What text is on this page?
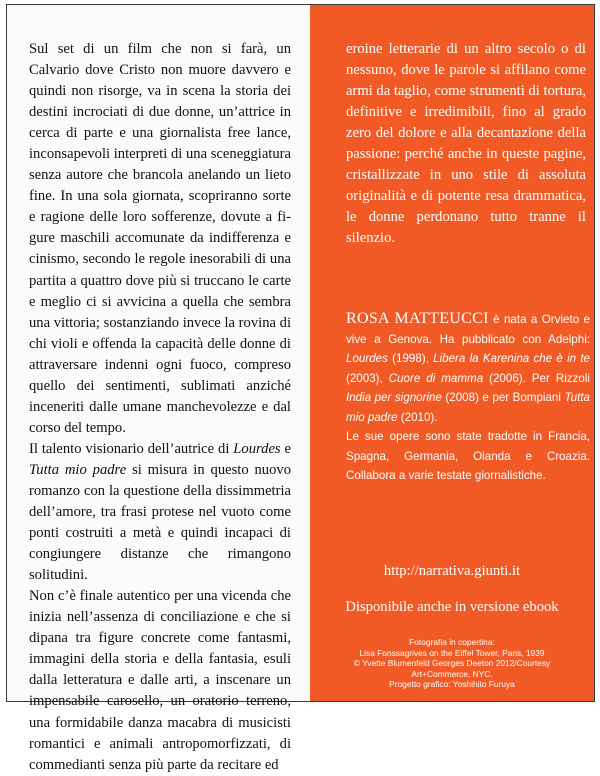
Sul set di un film che non si farà, un Calvario dove Cristo non muore davvero e quindi non risorge, va in scena la storia dei destini incrociati di due donne, un’attrice in cerca di parte e una giornalista free lance, inconsapevoli interpreti di una sceneggiatura senza autore che brancola anelando un lieto fine. In una sola giornata, scopriranno sorte e ragione delle loro sofferenze, dovute a figure maschili accomunate da indifferenza e cinismo, secondo le regole inesorabili di una partita a quattro dove più si truccano le carte e meglio ci si avvicina a quella che sembra una vittoria; sostanziando invece la rovina di chi violi e offenda la capacità delle donne di attraversare indenni ogni fuoco, compreso quello dei sentimenti, sublimati anziché inceneriti dalle umane manchevolezze e dal corso del tempo.

Il talento visionario dell’autrice di Lourdes e Tutta mio padre si misura in questo nuovo romanzo con la questione della dissimmetria dell’amore, tra frasi protese nel vuoto come ponti costruiti a metà e quindi incapaci di congiungere distanze che rimangono solitudini.

Non c’è finale autentico per una vicenda che inizia nell’assenza di conciliazione e che si dipana tra figure concrete come fantasmi, immagini della storia e della fantasia, esuli dalla letteratura e dalle arti, a inscenare un impensabile carosello, un oratorio terreno, una formidabile danza macabra di musicisti romantici e animali antropomorfizzati, di commedianti senza più parte da recitare ed

eroine letterarie di un altro secolo o di nessuno, dove le parole si affilano come armi da taglio, come strumenti di tortura, definitive e irredimibili, fino al grado zero del dolore e alla decantazione della passione: perché anche in queste pagine, cristallizzate in uno stile di assoluta originalità e di potente resa drammatica, le donne perdonano tutto tranne il silenzio.

ROSA MATTEUCCI è nata a Orvieto e vive a Genova. Ha pubblicato con Adelphi: Lourdes (1998), Libera la Karenina che è in te (2003), Cuore di mamma (2006). Per Rizzoli India per signorine (2008) e per Bompiani Tutta mio padre (2010).

Le sue opere sono state tradotte in Francia, Spagna, Germania, Olanda e Croazia. Collabora a varie testate giornalistiche.

http://narrativa.giunti.it
Disponibile anche in versione ebook
Fotografia in copertina:
Lisa Fonssagrives on the Eiffel Tower, Paris, 1939
© Yvette Blumenfeld Georges Deeton 2012/Courtesy
Art+Commerce, NYC.
Progetto grafico: Yoshihito Furuya
